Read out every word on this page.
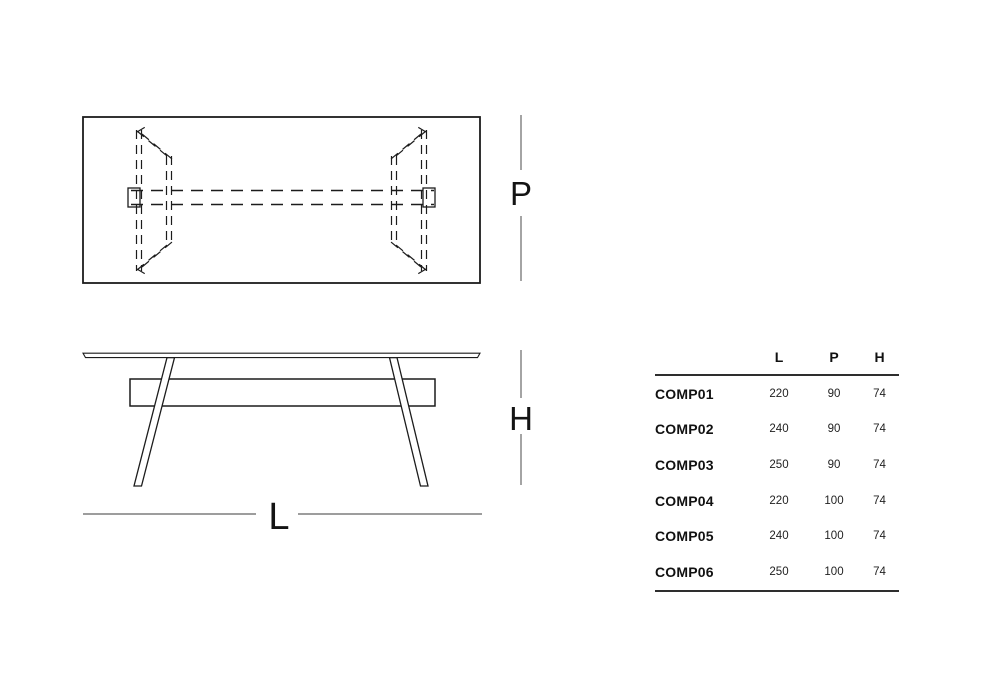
P
H
L
	L	P	H
COMP01	220	90	74
COMP02	240	90	74
COMP03	250	90	74
COMP04	220	100	74
COMP05	240	100	74
COMP06	250	100	74
